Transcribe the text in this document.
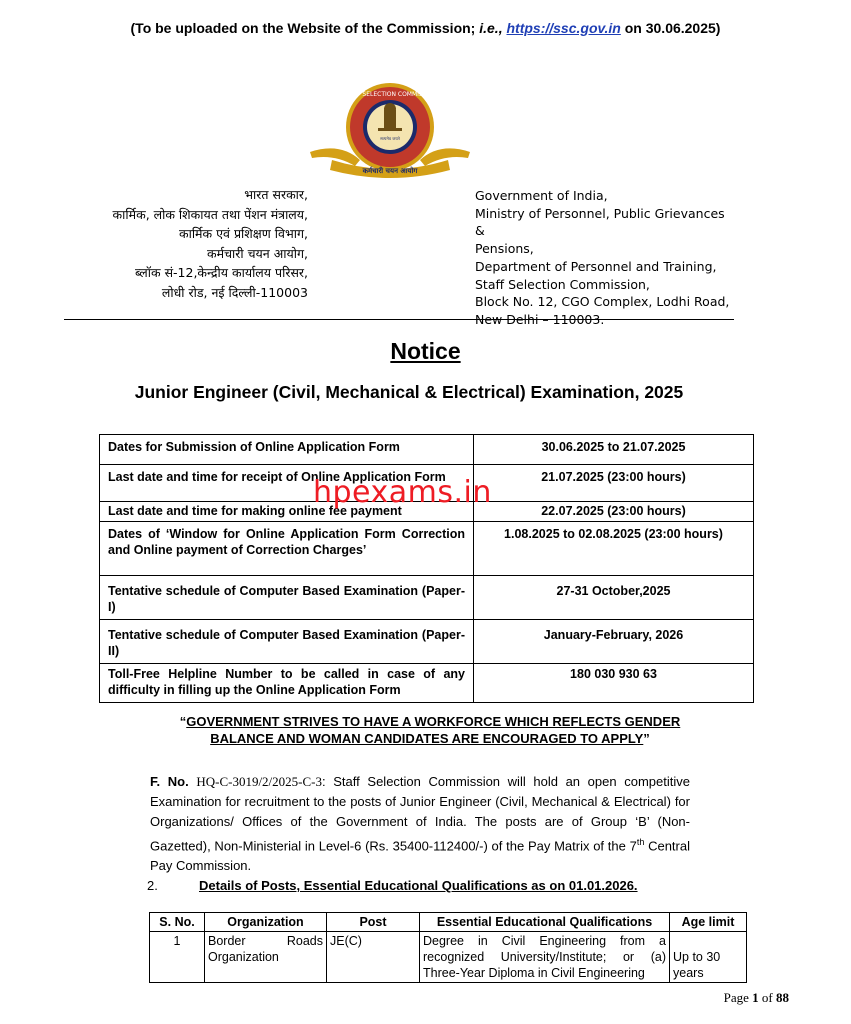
(To be uploaded on the Website of the Commission; i.e., https://ssc.gov.in on 30.06.2025)
STAFF SELECTION COMMISSION
सत्यमेव जयते
कर्मचारी चयन आयोग
भारत सरकार,
कार्मिक, लोक शिकायत तथा पेंशन मंत्रालय,
कार्मिक एवं प्रशिक्षण विभाग,
कर्मचारी चयन आयोग,
ब्लॉक सं-12,केन्द्रीय कार्यालय परिसर,
लोधी रोड, नई दिल्ली-110003
Government of India,
Ministry of Personnel, Public Grievances &
Pensions,
Department of Personnel and Training,
Staff Selection Commission,
Block No. 12, CGO Complex, Lodhi Road,
New Delhi – 110003.
Notice
Junior Engineer (Civil, Mechanical & Electrical) Examination, 2025
Dates for Submission of Online Application Form	30.06.2025 to 21.07.2025
Last date and time for receipt of Online Application Form	21.07.2025 (23:00 hours)
Last date and time for making online fee payment	22.07.2025 (23:00 hours)
Dates of ‘Window for Online Application Form Correction and Online payment of Correction Charges’	1.08.2025 to 02.08.2025 (23:00 hours)
Tentative schedule of Computer Based Examination (Paper-I)	27-31 October,2025
Tentative schedule of Computer Based Examination (Paper-II)	January-February, 2026
Toll-Free Helpline Number to be called in case of any difficulty in filling up the Online Application Form	180 030 930 63
hpexams.in
“GOVERNMENT STRIVES TO HAVE A WORKFORCE WHICH REFLECTS GENDER
BALANCE AND WOMAN CANDIDATES ARE ENCOURAGED TO APPLY”
F. No. HQ-C-3019/2/2025-C-3: Staff Selection Commission will hold an open competitive Examination for recruitment to the posts of Junior Engineer (Civil, Mechanical & Electrical) for Organizations/ Offices of the Government of India. The posts are of Group ‘B’ (Non-Gazetted), Non-Ministerial in Level-6 (Rs. 35400-112400/-) of the Pay Matrix of the 7th Central Pay Commission.
2.	Details of Posts, Essential Educational Qualifications as on 01.01.2026.
S. No.	Organization	Post	Essential Educational Qualifications	Age limit
1	Border Roads Organization	JE(C)	Degree in Civil Engineering from a recognized University/Institute; or (a) Three-Year Diploma in Civil Engineering	Up to 30 years
Page 1 of 88
